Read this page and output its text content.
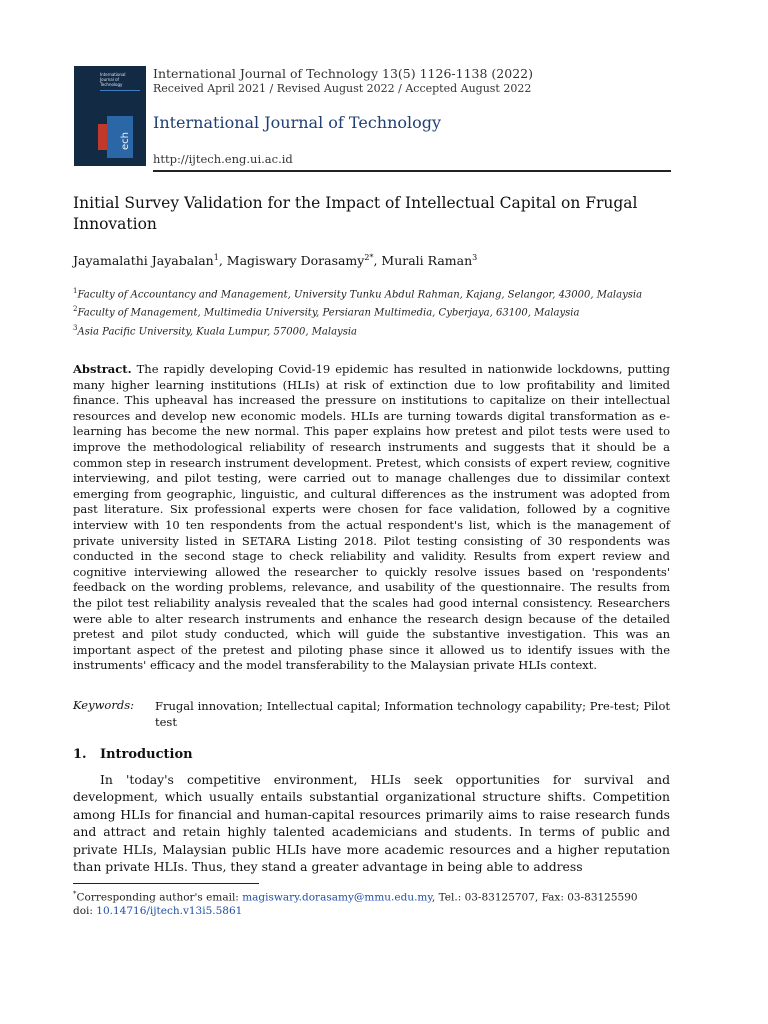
International
Journal of
Technology
ech
International Journal of Technology 13(5) 1126-1138 (2022)
Received April 2021 / Revised August 2022 / Accepted August 2022
International Journal of Technology
http://ijtech.eng.ui.ac.id
Initial Survey Validation for the Impact of Intellectual Capital on Frugal Innovation
Jayamalathi Jayabalan$^1$, Magiswary Dorasamy$^{2*}$, Murali Raman$^3$
$^1$Faculty of Accountancy and Management, University Tunku Abdul Rahman, Kajang, Selangor, 43000, Malaysia
$^2$Faculty of Management, Multimedia University, Persiaran Multimedia, Cyberjaya, 63100, Malaysia
$^3$Asia Pacific University, Kuala Lumpur, 57000, Malaysia
Abstract. The rapidly developing Covid-19 epidemic has resulted in nationwide lockdowns, putting many higher learning institutions (HLIs) at risk of extinction due to low profitability and limited finance. This upheaval has increased the pressure on institutions to capitalize on their intellectual resources and develop new economic models. HLIs are turning towards digital transformation as e-learning has become the new normal. This paper explains how pretest and pilot tests were used to improve the methodological reliability of research instruments and suggests that it should be a common step in research instrument development. Pretest, which consists of expert review, cognitive interviewing, and pilot testing, were carried out to manage challenges due to dissimilar context emerging from geographic, linguistic, and cultural differences as the instrument was adopted from past literature. Six professional experts were chosen for face validation, followed by a cognitive interview with 10 ten respondents from the actual respondent's list, which is the management of private university listed in SETARA Listing 2018. Pilot testing consisting of 30 respondents was conducted in the second stage to check reliability and validity. Results from expert review and cognitive interviewing allowed the researcher to quickly resolve issues based on 'respondents' feedback on the wording problems, relevance, and usability of the questionnaire. The results from the pilot test reliability analysis revealed that the scales had good internal consistency. Researchers were able to alter research instruments and enhance the research design because of the detailed pretest and pilot study conducted, which will guide the substantive investigation. This was an important aspect of the pretest and piloting phase since it allowed us to identify issues with the instruments' efficacy and the model transferability to the Malaysian private HLIs context.
Keywords: Frugal innovation; Intellectual capital; Information technology capability; Pre-test; Pilot test
1. Introduction
In 'today's competitive environment, HLIs seek opportunities for survival and development, which usually entails substantial organizational structure shifts. Competition among HLIs for financial and human-capital resources primarily aims to raise research funds and attract and retain highly talented academicians and students. In terms of public and private HLIs, Malaysian public HLIs have more academic resources and a higher reputation than private HLIs. Thus, they stand a greater advantage in being able to address
*Corresponding author's email: magiswary.dorasamy@mmu.edu.my, Tel.: 03-83125707, Fax: 03-83125590
doi: 10.14716/ijtech.v13i5.5861
